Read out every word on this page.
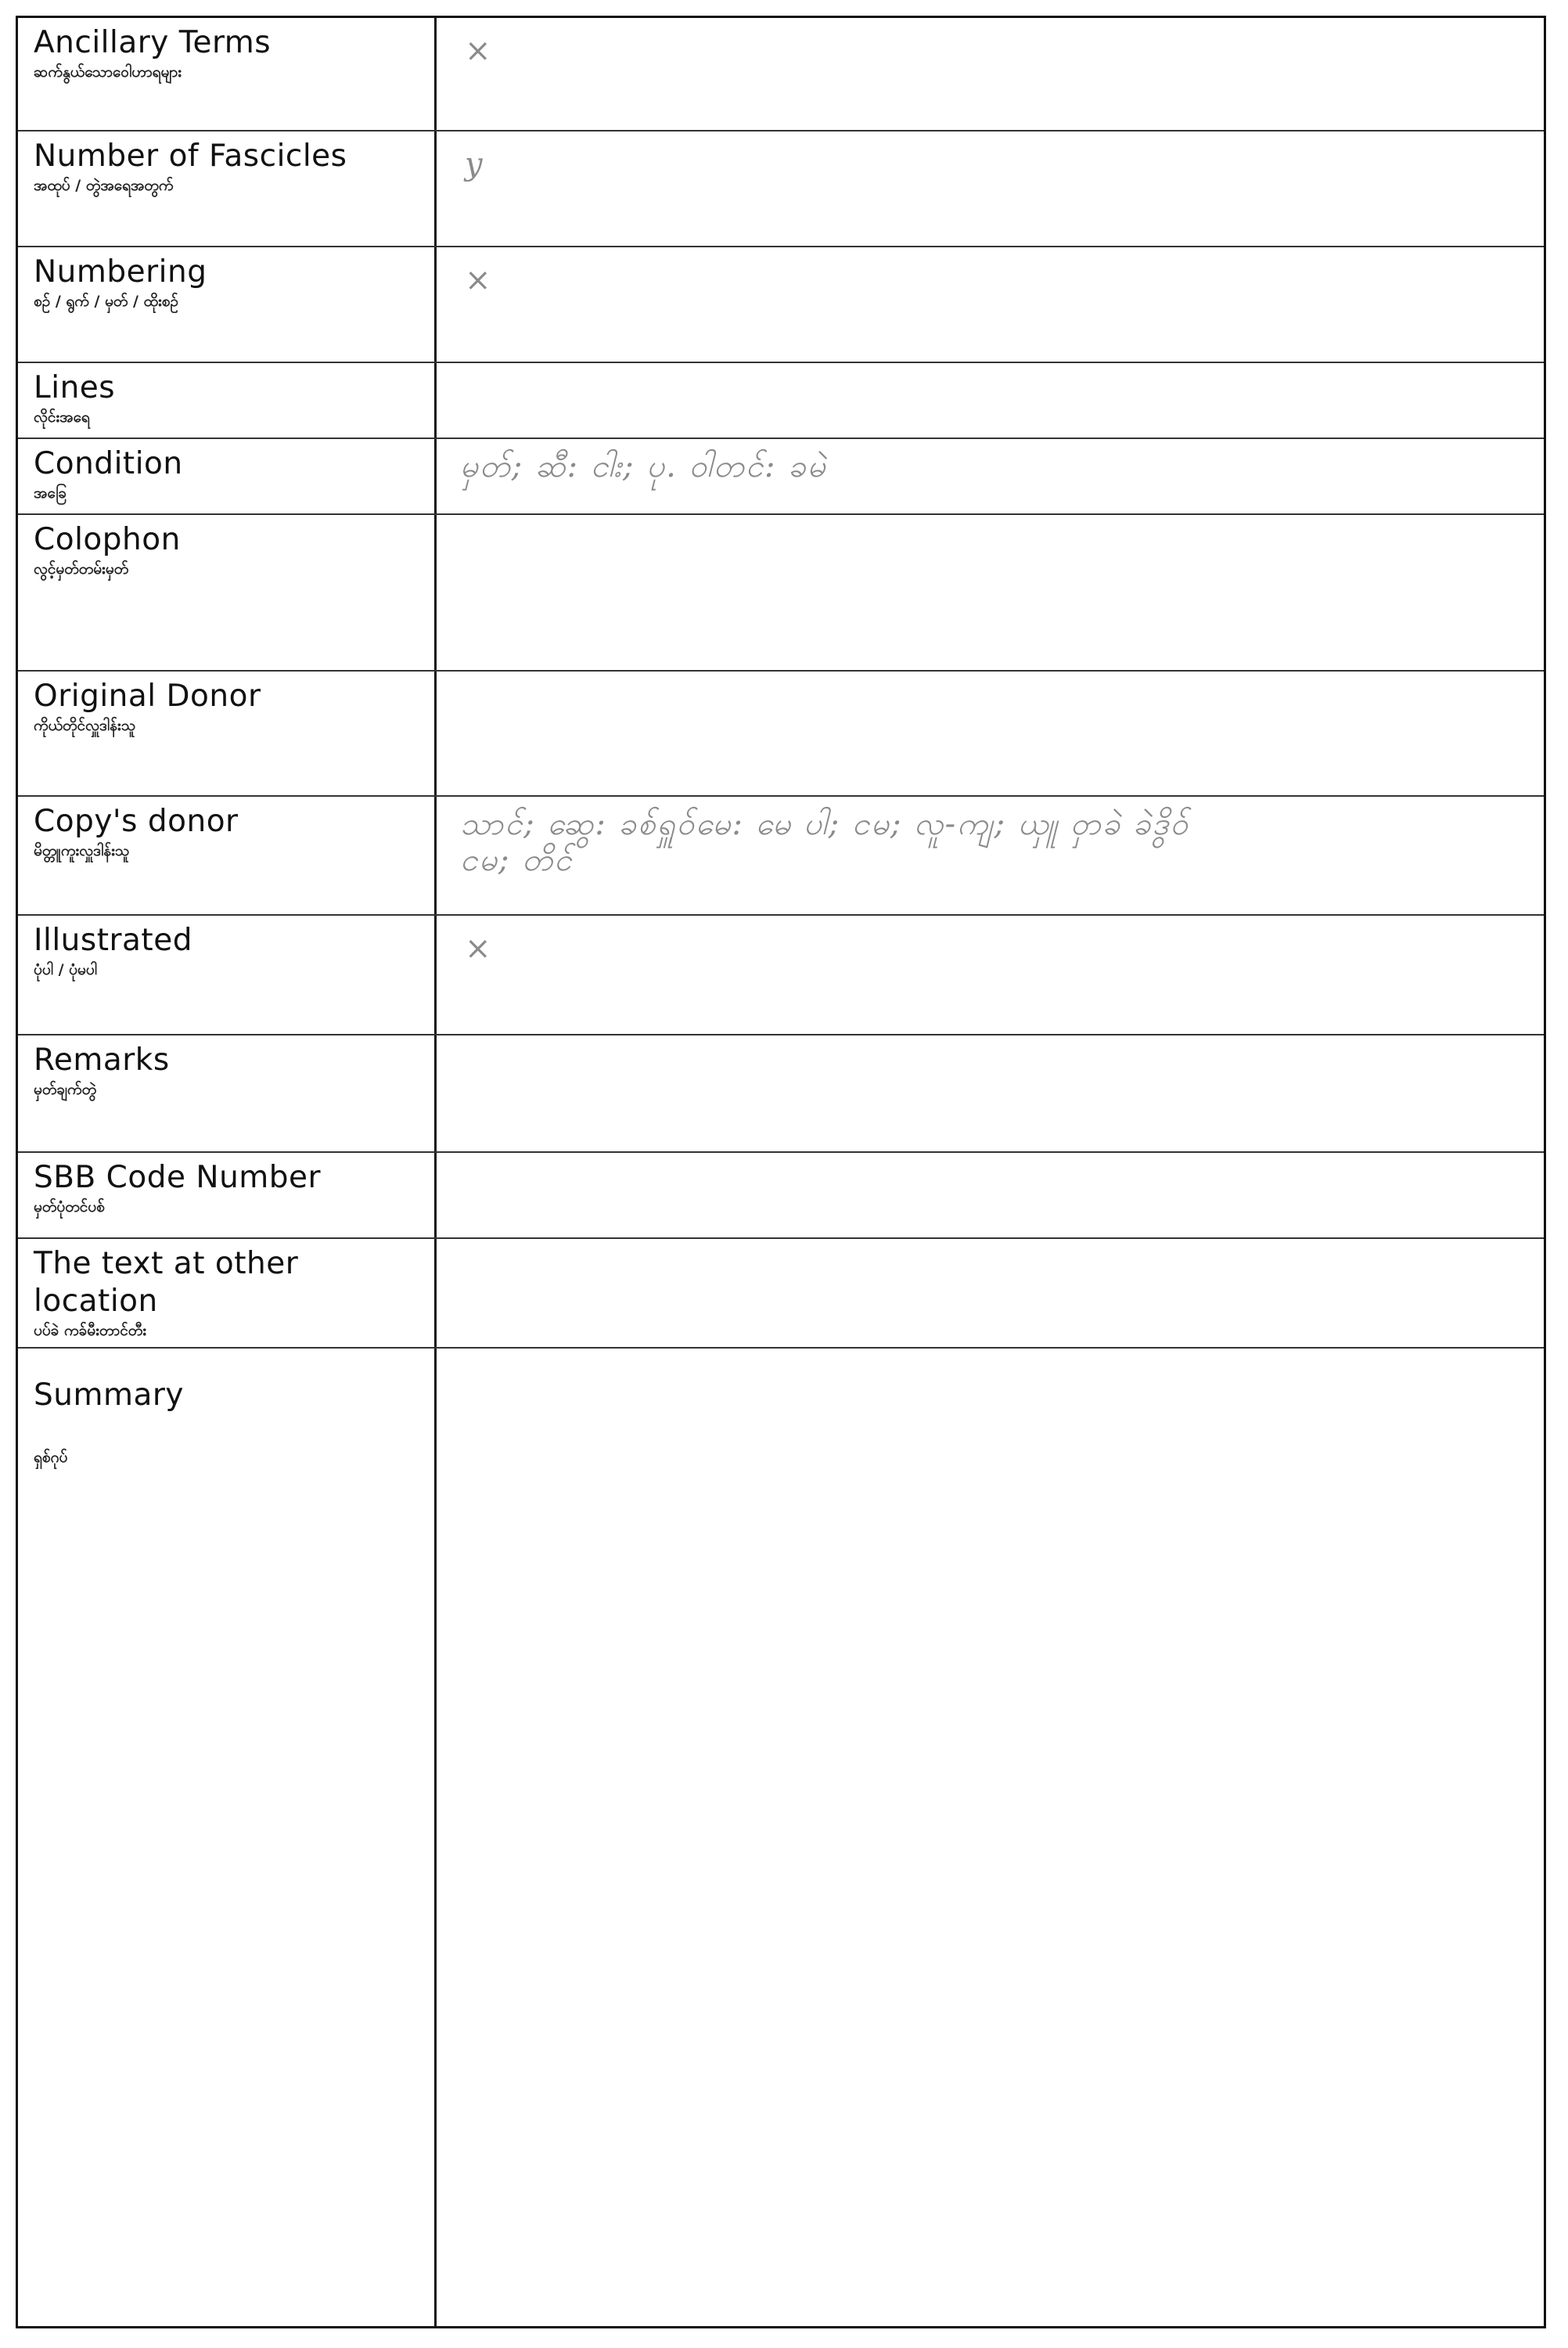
Ancillary Terms
ဆက်နွယ်သောဝေါဟာရများ
×
Number of Fascicles
အထုပ် / တွဲအရေအတွက်
y
Numbering
စဉ် / ရွက် / မှတ် / ထိုးစဉ်
×
Lines
လိုင်းအရေ
Condition
အခြေ
မှတ်; ဆီ: ငါး; ပု. ဝါတင်: ခမဲ
Colophon
လွင့်မှတ်တမ်းမှတ်
Original Donor
ကိုယ်တိုင်လှူဒါန်းသူ
Copy's donor
မိတ္တူကူးလှူဒါန်းသူ
သာင်; ဆွေ: ခစ်ရှူဝ်မေ: မေ ပါ; ငမ; လူ-ကျ; ယှူ ဝှာခဲ ခဲဒွိဝ်
ငမ; တိင်
Illustrated
ပုံပါ / ပုံမပါ
×
Remarks
မှတ်ချက်တွဲ
SBB Code Number
မှတ်ပုံတင်ပစ်
The text at other
location
ပပ်ခဲ ကခ်မီးတာင်တီး
Summary
ရှစ်ဂုပ်
